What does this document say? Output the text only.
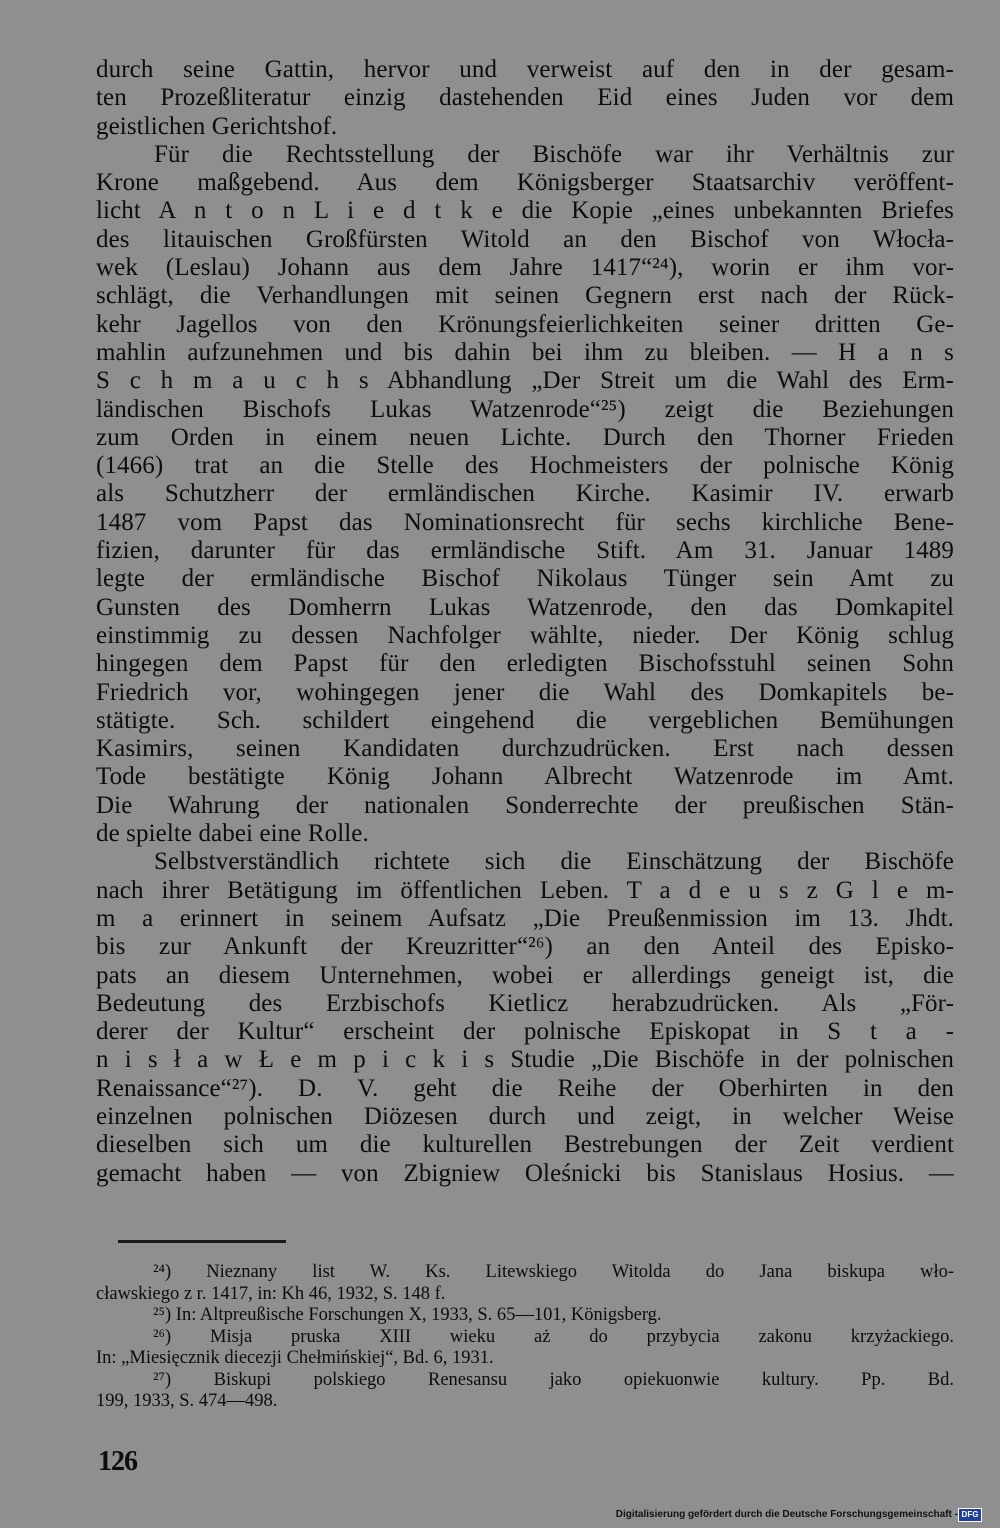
durch seine Gattin, hervor und verweist auf den in der gesam-
ten Prozeßliteratur einzig dastehenden Eid eines Juden vor dem
geistlichen Gerichtshof.
Für die Rechtsstellung der Bischöfe war ihr Verhältnis zur
Krone maßgebend. Aus dem Königsberger Staatsarchiv veröffent-
licht A n t o n L i e d t k e die Kopie „eines unbekannten Briefes
des litauischen Großfürsten Witold an den Bischof von Włocła-
wek (Leslau) Johann aus dem Jahre 1417“²⁴), worin er ihm vor-
schlägt, die Verhandlungen mit seinen Gegnern erst nach der Rück-
kehr Jagellos von den Krönungsfeierlichkeiten seiner dritten Ge-
mahlin aufzunehmen und bis dahin bei ihm zu bleiben. — H a n s
S c h m a u c h s Abhandlung „Der Streit um die Wahl des Erm-
ländischen Bischofs Lukas Watzenrode“²⁵) zeigt die Beziehungen
zum Orden in einem neuen Lichte. Durch den Thorner Frieden
(1466) trat an die Stelle des Hochmeisters der polnische König
als Schutzherr der ermländischen Kirche. Kasimir IV. erwarb
1487 vom Papst das Nominationsrecht für sechs kirchliche Bene-
fizien, darunter für das ermländische Stift. Am 31. Januar 1489
legte der ermländische Bischof Nikolaus Tünger sein Amt zu
Gunsten des Domherrn Lukas Watzenrode, den das Domkapitel
einstimmig zu dessen Nachfolger wählte, nieder. Der König schlug
hingegen dem Papst für den erledigten Bischofsstuhl seinen Sohn
Friedrich vor, wohingegen jener die Wahl des Domkapitels be-
stätigte. Sch. schildert eingehend die vergeblichen Bemühungen
Kasimirs, seinen Kandidaten durchzudrücken. Erst nach dessen
Tode bestätigte König Johann Albrecht Watzenrode im Amt.
Die Wahrung der nationalen Sonderrechte der preußischen Stän-
de spielte dabei eine Rolle.
Selbstverständlich richtete sich die Einschätzung der Bischöfe
nach ihrer Betätigung im öffentlichen Leben. T a d e u s z G l e m-
m a erinnert in seinem Aufsatz „Die Preußenmission im 13. Jhdt.
bis zur Ankunft der Kreuzritter“²⁶) an den Anteil des Episko-
pats an diesem Unternehmen, wobei er allerdings geneigt ist, die
Bedeutung des Erzbischofs Kietlicz herabzudrücken. Als „För-
derer der Kultur“ erscheint der polnische Episkopat in S t a -
n i s ł a w Ł e m p i c k i s Studie „Die Bischöfe in der polnischen
Renaissance“²⁷). D. V. geht die Reihe der Oberhirten in den
einzelnen polnischen Diözesen durch und zeigt, in welcher Weise
dieselben sich um die kulturellen Bestrebungen der Zeit verdient
gemacht haben — von Zbigniew Oleśnicki bis Stanislaus Hosius. —
²⁴) Nieznany list W. Ks. Litewskiego Witolda do Jana biskupa wło-
cławskiego z r. 1417, in: Kh 46, 1932, S. 148 f.
²⁵) In: Altpreußische Forschungen X, 1933, S. 65—101, Königsberg.
²⁶) Misja pruska XIII wieku aż do przybycia zakonu krzyżackiego.
In: „Miesięcznik diecezji Chełmińskiej“, Bd. 6, 1931.
²⁷) Biskupi polskiego Renesansu jako opiekuonwie kultury. Pp. Bd.
199, 1933, S. 474—498.
126
Digitalisierung gefördert durch die Deutsche Forschungsgemeinschaft - DFG
